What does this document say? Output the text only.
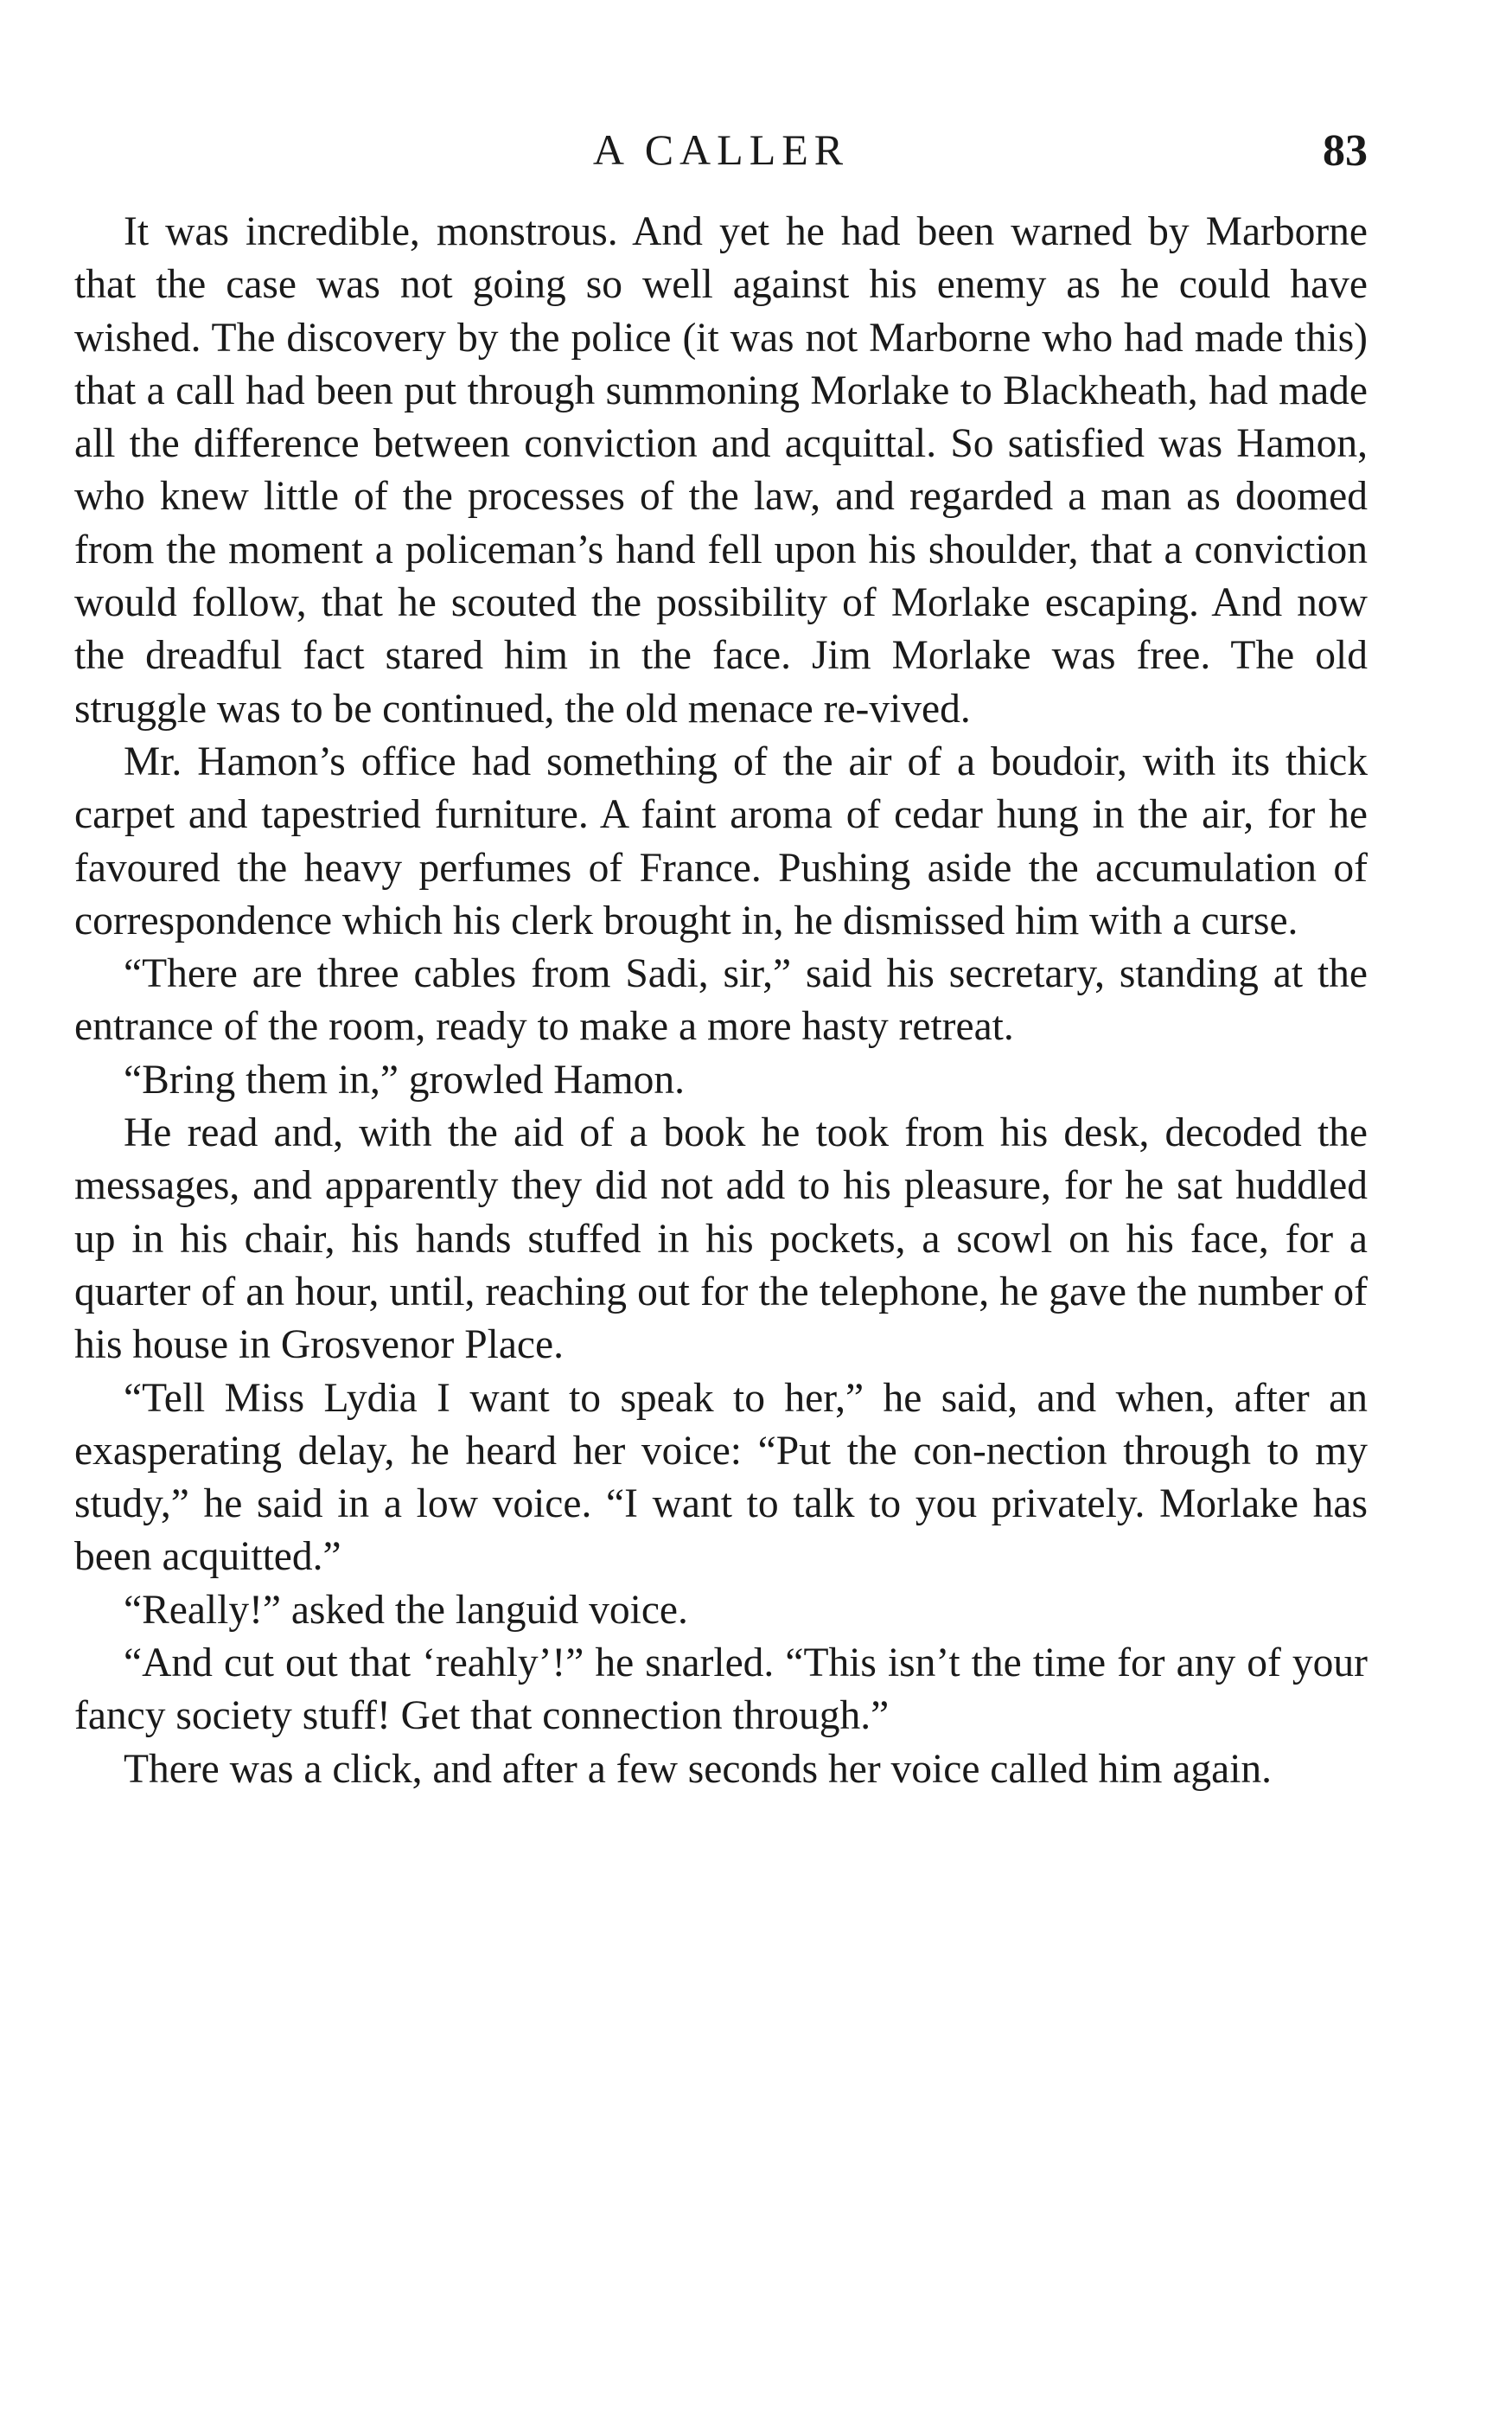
A CALLER	83

It was incredible, monstrous. And yet he had been warned by Marborne that the case was not going so well against his enemy as he could have wished. The discovery by the police (it was not Marborne who had made this) that a call had been put through summoning Morlake to Blackheath, had made all the difference between conviction and acquittal. So satisfied was Hamon, who knew little of the processes of the law, and regarded a man as doomed from the moment a policeman’s hand fell upon his shoulder, that a conviction would follow, that he scouted the possibility of Morlake escaping. And now the dreadful fact stared him in the face. Jim Morlake was free. The old struggle was to be continued, the old menace re-vived.

Mr. Hamon’s office had something of the air of a boudoir, with its thick carpet and tapestried furniture. A faint aroma of cedar hung in the air, for he favoured the heavy perfumes of France. Pushing aside the accumulation of correspondence which his clerk brought in, he dismissed him with a curse.

“There are three cables from Sadi, sir,” said his secretary, standing at the entrance of the room, ready to make a more hasty retreat.

“Bring them in,” growled Hamon.

He read and, with the aid of a book he took from his desk, decoded the messages, and apparently they did not add to his pleasure, for he sat huddled up in his chair, his hands stuffed in his pockets, a scowl on his face, for a quarter of an hour, until, reaching out for the telephone, he gave the number of his house in Grosvenor Place.

“Tell Miss Lydia I want to speak to her,” he said, and when, after an exasperating delay, he heard her voice: “Put the con-nection through to my study,” he said in a low voice. “I want to talk to you privately. Morlake has been acquitted.”

“Really!” asked the languid voice.

“And cut out that ‘reahly’!” he snarled. “This isn’t the time for any of your fancy society stuff! Get that connection through.”

There was a click, and after a few seconds her voice called him again.
